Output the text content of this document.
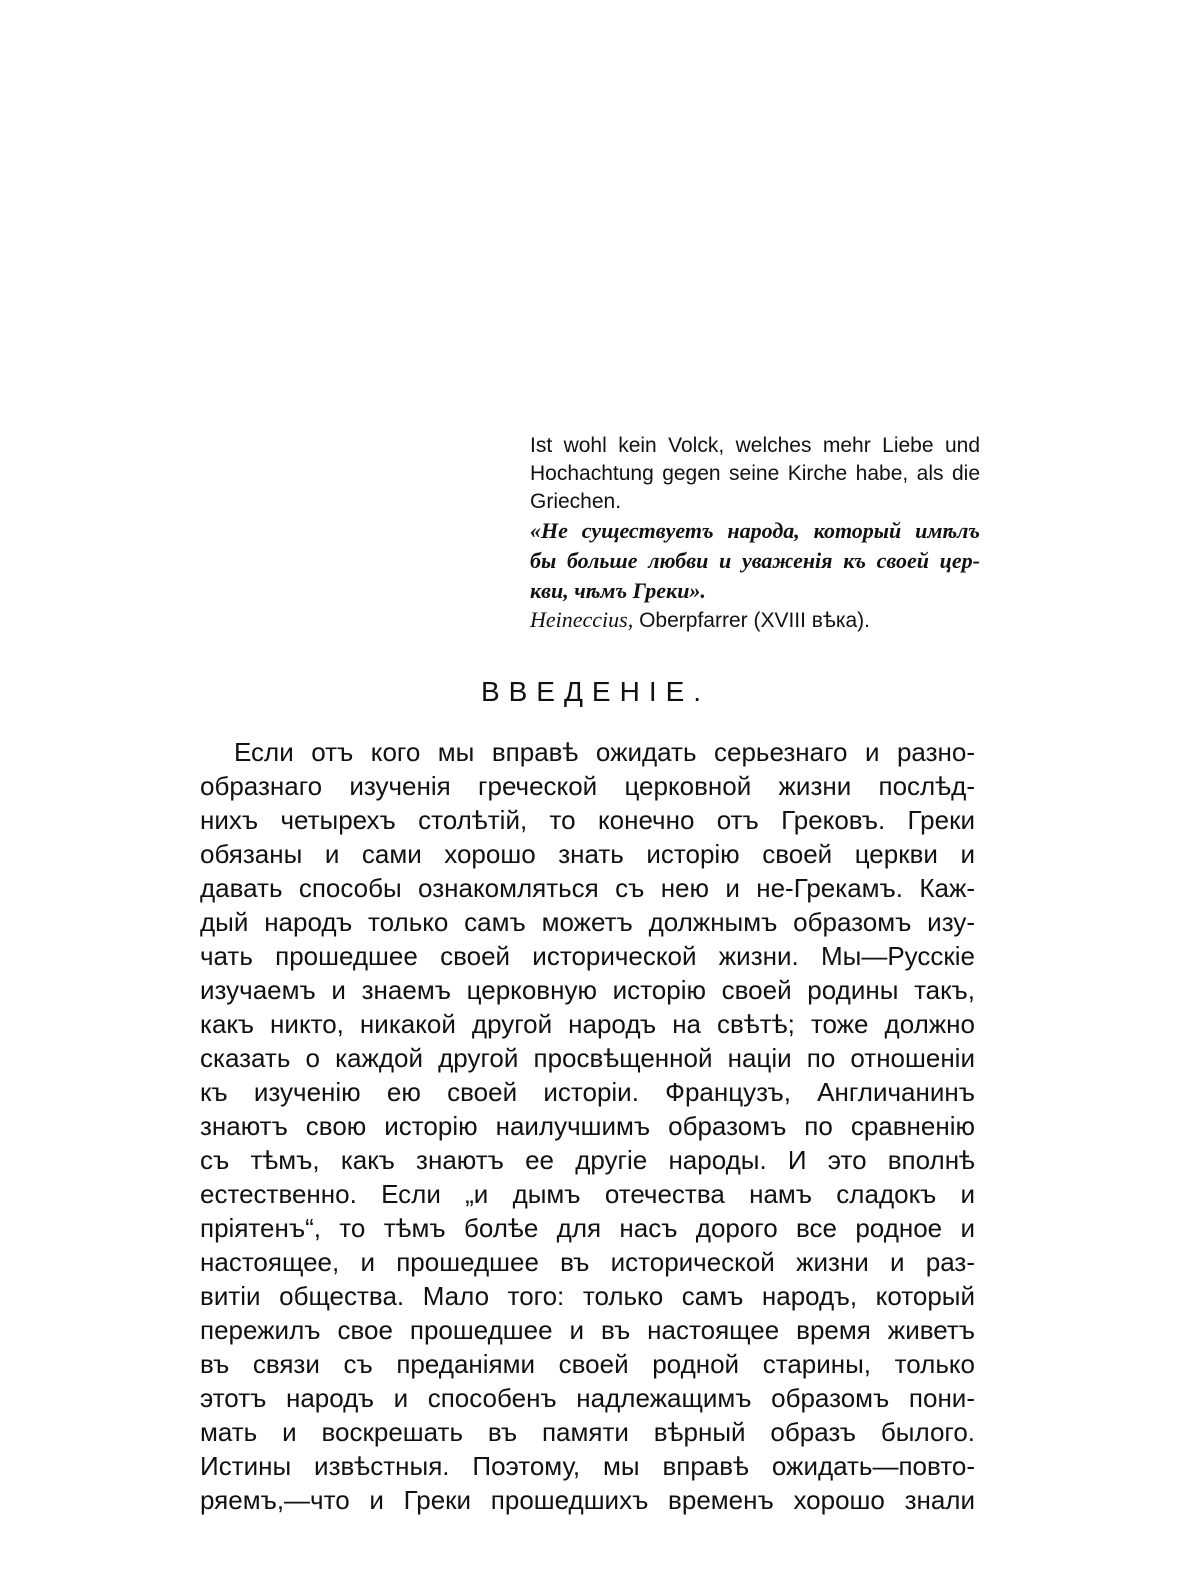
Ist wohl kein Volck, welches mehr Liebe und Hochachtung gegen seine Kirche habe, als die Griechen.

«Не существуетъ народа, который имѣлъ
бы больше любви и уваженія къ своей цер-
кви, чѣмъ Греки».

Heineccius, Oberpfarrer (XVIII вѣка).

ВВЕДЕНІЕ.
Если отъ кого мы вправѣ ожидать серьезнаго и разно-
образнаго изученія греческой церковной жизни послѣд-
нихъ четырехъ столѣтій, то конечно отъ Грековъ. Греки
обязаны и сами хорошо знать исторію своей церкви и
давать способы ознакомляться съ нею и не-Грекамъ. Каж-
дый народъ только самъ можетъ должнымъ образомъ изу-
чать прошедшее своей исторической жизни. Мы—Русскіе
изучаемъ и знаемъ церковную исторію своей родины такъ,
какъ никто, никакой другой народъ на свѣтѣ; тоже должно
сказать о каждой другой просвѣщенной націи по отношеніи
къ изученію ею своей исторіи. Французъ, Англичанинъ
знаютъ свою исторію наилучшимъ образомъ по сравненію
съ тѣмъ, какъ знаютъ ее другіе народы. И это вполнѣ
естественно. Если „и дымъ отечества намъ сладокъ и
пріятенъ“, то тѣмъ болѣе для насъ дорого все родное и
настоящее, и прошедшее въ исторической жизни и раз-
витіи общества. Мало того: только самъ народъ, который
пережилъ свое прошедшее и въ настоящее время живетъ
въ связи съ преданіями своей родной старины, только
этотъ народъ и способенъ надлежащимъ образомъ пони-
мать и воскрешать въ памяти вѣрный образъ былого.
Истины извѣстныя. Поэтому, мы вправѣ ожидать—повто-
ряемъ,—что и Греки прошедшихъ временъ хорошо знали
